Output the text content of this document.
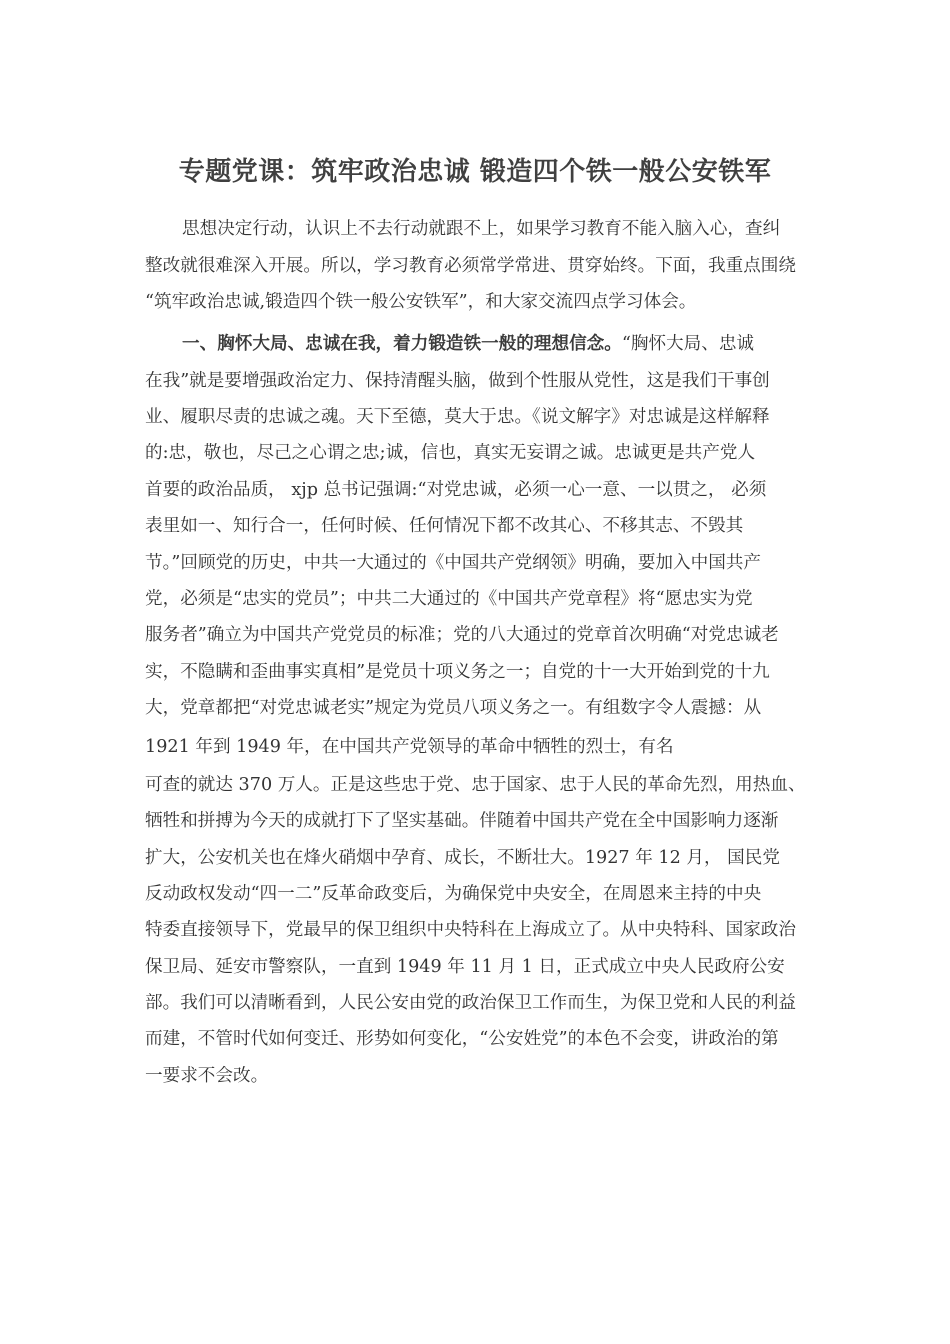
专题党课：筑牢政治忠诚 锻造四个铁一般公安铁军

思想决定行动，认识上不去行动就跟不上，如果学习教育不能入脑入心，查纠

整改就很难深入开展。所以，学习教育必须常学常进、贯穿始终。下面，我重点围绕

“筑牢政治忠诚,锻造四个铁一般公安铁军”，和大家交流四点学习体会。

一、胸怀大局、忠诚在我，着力锻造铁一般的理想信念。“胸怀大局、忠诚

在我”就是要增强政治定力、保持清醒头脑，做到个性服从党性，这是我们干事创

业、履职尽责的忠诚之魂。天下至德，莫大于忠。《说文解字》对忠诚是这样解释

的:忠，敬也，尽己之心谓之忠;诚，信也，真实无妄谓之诚。忠诚更是共产党人

首要的政治品质， xjp 总书记强调:“对党忠诚，必须一心一意、一以贯之， 必须

表里如一、知行合一，任何时候、任何情况下都不改其心、不移其志、不毁其

节。”回顾党的历史，中共一大通过的《中国共产党纲领》明确，要加入中国共产

党，必须是“忠实的党员”；中共二大通过的《中国共产党章程》将“愿忠实为党

服务者”确立为中国共产党党员的标准；党的八大通过的党章首次明确“对党忠诚老

实，不隐瞒和歪曲事实真相”是党员十项义务之一；自党的十一大开始到党的十九

大，党章都把“对党忠诚老实”规定为党员八项义务之一。有组数字令人震撼：从

1921 年到 1949 年，在中国共产党领导的革命中牺牲的烈士，有名

可查的就达 370 万人。正是这些忠于党、忠于国家、忠于人民的革命先烈，用热血、

牺牲和拼搏为今天的成就打下了坚实基础。伴随着中国共产党在全中国影响力逐渐

扩大，公安机关也在烽火硝烟中孕育、成长，不断壮大。1927 年 12 月， 国民党

反动政权发动“四一二”反革命政变后，为确保党中央安全，在周恩来主持的中央

特委直接领导下，党最早的保卫组织中央特科在上海成立了。从中央特科、国家政治

保卫局、延安市警察队，一直到 1949 年 11 月 1 日，正式成立中央人民政府公安

部。我们可以清晰看到，人民公安由党的政治保卫工作而生，为保卫党和人民的利益

而建，不管时代如何变迁、形势如何变化，“公安姓党”的本色不会变，讲政治的第

一要求不会改。
